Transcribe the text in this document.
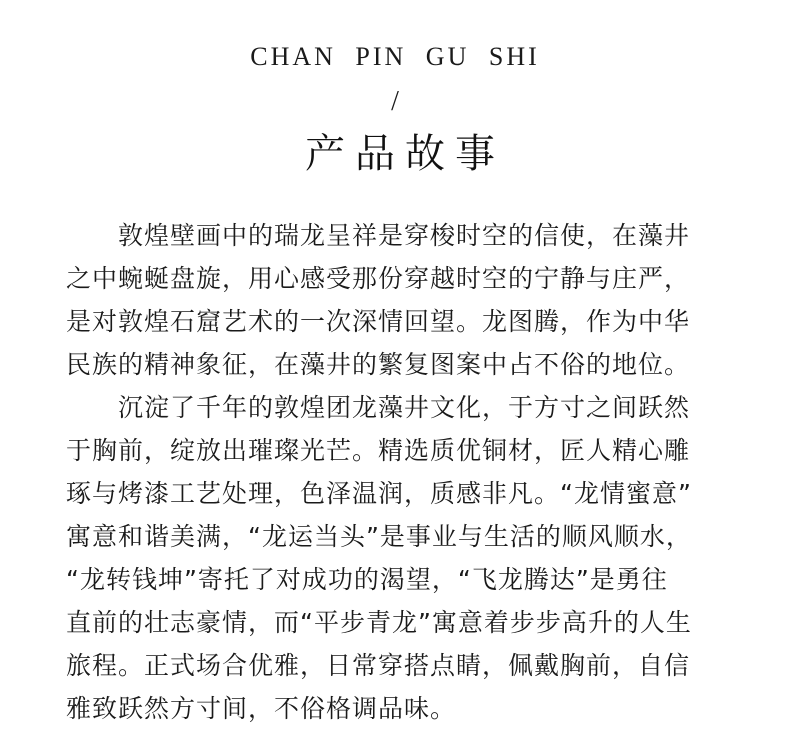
CHAN PIN GU SHI
/
产品故事
　　敦煌壁画中的瑞龙呈祥是穿梭时空的信使，在藻井
之中蜿蜒盘旋，用心感受那份穿越时空的宁静与庄严，
是对敦煌石窟艺术的一次深情回望。龙图腾，作为中华
民族的精神象征，在藻井的繁复图案中占不俗的地位。
　　沉淀了千年的敦煌团龙藻井文化，于方寸之间跃然
于胸前，绽放出璀璨光芒。精选质优铜材，匠人精心雕
琢与烤漆工艺处理，色泽温润，质感非凡。“龙情蜜意”
寓意和谐美满，“龙运当头”是事业与生活的顺风顺水，
“龙转钱坤”寄托了对成功的渴望，“飞龙腾达”是勇往
直前的壮志豪情，而“平步青龙”寓意着步步高升的人生
旅程。正式场合优雅，日常穿搭点睛，佩戴胸前，自信
雅致跃然方寸间，不俗格调品味。
